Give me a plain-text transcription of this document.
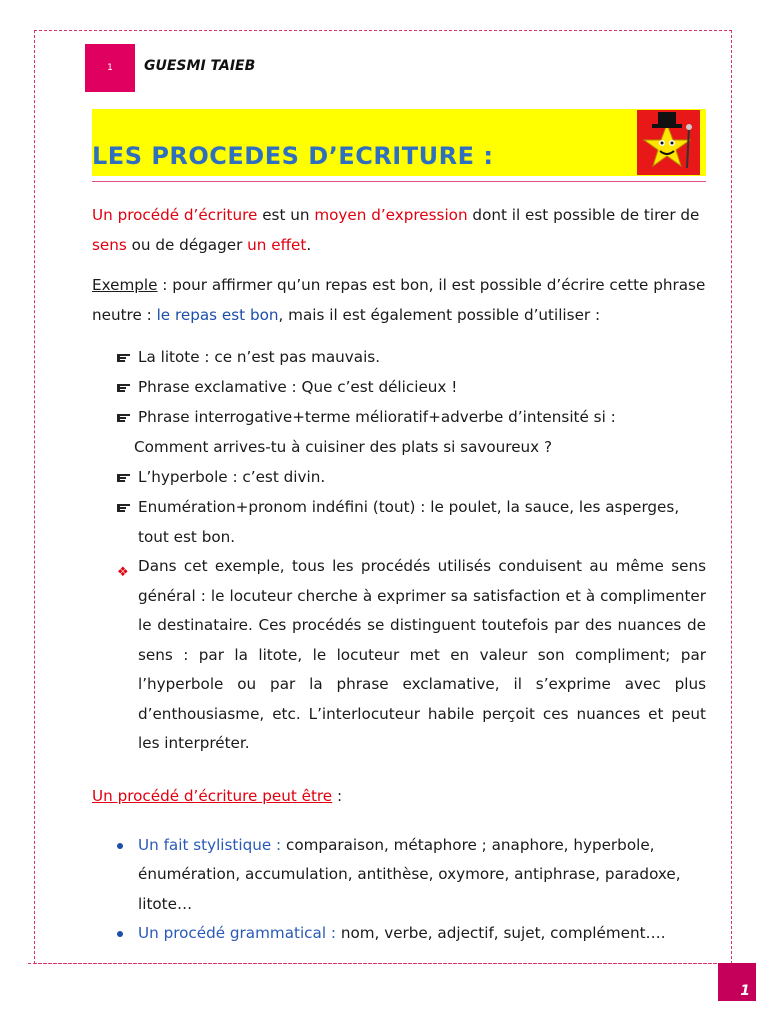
1 GUESMI TAIEB
LES PROCEDES D’ECRITURE :

Un procédé d’écriture est un moyen d’expression dont il est possible de tirer de sens ou de dégager un effet.

Exemple : pour affirmer qu’un repas est bon, il est possible d’écrire cette phrase neutre : le repas est bon, mais il est également possible d’utiliser :

La litote : ce n’est pas mauvais.
Phrase exclamative : Que c’est délicieux !
Phrase interrogative+terme mélioratif+adverbe d’intensité si :
Comment arrives-tu à cuisiner des plats si savoureux ?
L’hyperbole : c’est divin.
Enumération+pronom indéfini (tout) : le poulet, la sauce, les asperges, tout est bon.
❖ Dans cet exemple, tous les procédés utilisés conduisent au même sens général : le locuteur cherche à exprimer sa satisfaction et à complimenter le destinataire. Ces procédés se distinguent toutefois par des nuances de sens : par la litote, le locuteur met en valeur son compliment; par l’hyperbole ou par la phrase exclamative, il s’exprime avec plus d’enthousiasme, etc. L’interlocuteur habile perçoit ces nuances et peut les interpréter.

Un procédé d’écriture peut être :

Un fait stylistique : comparaison, métaphore ; anaphore, hyperbole, énumération, accumulation, antithèse, oxymore, antiphrase, paradoxe, litote…
Un procédé grammatical : nom, verbe, adjectif, sujet, complément….
1
